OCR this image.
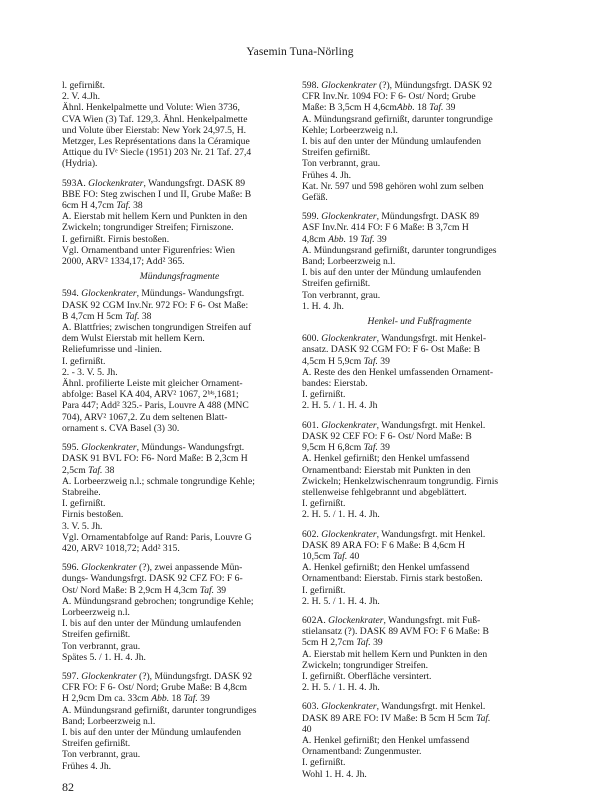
Yasemin Tuna-Nörling
l. gefirnißt.
2. V. 4.Jh.
Ähnl. Henkelpalmette und Volute: Wien 3736,
CVA Wien (3) Taf. 129,3. Ähnl. Henkelpalmette
und Volute über Eierstab: New York 24,97.5, H.
Metzger, Les Représentations dans la Céramique
Attique du IVᵉ Siecle (1951) 203 Nr. 21 Taf. 27,4
(Hydria).
593A. Glockenkrater, Wandungsfrgt. DASK 89
BBE FO: Steg zwischen I und II, Grube Maße: B
6cm H 4,7cm Taf. 38
A. Eierstab mit hellem Kern und Punkten in den
Zwickeln; tongrundiger Streifen; Firniszone.
I. gefirnißt. Firnis bestoßen.
Vgl. Ornamentband unter Figurenfries: Wien
2000, ARV² 1334,17; Add² 365.
Mündungsfragmente
594. Glockenkrater, Mündungs- Wandungsfrgt.
DASK 92 CGM Inv.Nr. 972 FO: F 6- Ost Maße:
B 4,7cm H 5cm Taf. 38
A. Blattfries; zwischen tongrundigen Streifen auf
dem Wulst Eierstab mit hellem Kern.
Reliefumrisse und -linien.
I. gefirnißt.
2. - 3. V. 5. Jh.
Ähnl. profilierte Leiste mit gleicher Ornament-
abfolge: Basel KA 404, ARV² 1067, 2ᵇⁱˢ,1681;
Para 447; Add² 325.- Paris, Louvre A 488 (MNC
704), ARV² 1067,2. Zu dem seltenen Blatt-
ornament s. CVA Basel (3) 30.
595. Glockenkrater, Mündungs- Wandungsfrgt.
DASK 91 BVL FO: F6- Nord Maße: B 2,3cm H
2,5cm Taf. 38
A. Lorbeerzweig n.l.; schmale tongrundige Kehle;
Stabreihe.
I. gefirnißt.
Firnis bestoßen.
3. V. 5. Jh.
Vgl. Ornamentabfolge auf Rand: Paris, Louvre G
420, ARV² 1018,72; Add² 315.
596. Glockenkrater (?), zwei anpassende Mün-
dungs- Wandungsfrgt. DASK 92 CFZ FO: F 6-
Ost/ Nord Maße: B 2,9cm H 4,3cm Taf. 39
A. Mündungsrand gebrochen; tongrundige Kehle;
Lorbeerzweig n.l.
I. bis auf den unter der Mündung umlaufenden
Streifen gefirnißt.
Ton verbrannt, grau.
Spätes 5. / 1. H. 4. Jh.
597. Glockenkrater (?), Mündungsfrgt. DASK 92
CFR FO: F 6- Ost/ Nord; Grube Maße: B 4,8cm
H 2,9cm Dm ca. 33cm Abb. 18 Taf. 39
A. Mündungsrand gefirnißt, darunter tongrundiges
Band; Lorbeerzweig n.l.
I. bis auf den unter der Mündung umlaufenden
Streifen gefirnißt.
Ton verbrannt, grau.
Frühes 4. Jh.
598. Glockenkrater (?), Mündungsfrgt. DASK 92
CFR Inv.Nr. 1094 FO: F 6- Ost/ Nord; Grube
Maße: B 3,5cm H 4,6cmAbb. 18 Taf. 39
A. Mündungsrand gefirnißt, darunter tongrundige
Kehle; Lorbeerzweig n.l.
I. bis auf den unter der Mündung umlaufenden
Streifen gefirnißt.
Ton verbrannt, grau.
Frühes 4. Jh.
Kat. Nr. 597 und 598 gehören wohl zum selben
Gefäß.
599. Glockenkrater, Mündungsfrgt. DASK 89
ASF Inv.Nr. 414 FO: F 6 Maße: B 3,7cm H
4,8cm Abb. 19 Taf. 39
A. Mündungsrand gefirnißt, darunter tongrundiges
Band; Lorbeerzweig n.l.
I. bis auf den unter der Mündung umlaufenden
Streifen gefirnißt.
Ton verbrannt, grau.
1. H. 4. Jh.
Henkel- und Fußfragmente
600. Glockenkrater, Wandungsfrgt. mit Henkel-
ansatz. DASK 92 CGM FO: F 6- Ost Maße: B
4,5cm H 5,9cm Taf. 39
A. Reste des den Henkel umfassenden Ornament-
bandes: Eierstab.
I. gefirnißt.
2. H. 5. / 1. H. 4. Jh
601. Glockenkrater, Wandungsfrgt. mit Henkel.
DASK 92 CEF FO: F 6- Ost/ Nord Maße: B
9,5cm H 6,8cm Taf. 39
A. Henkel gefirnißt; den Henkel umfassend
Ornamentband: Eierstab mit Punkten in den
Zwickeln; Henkelzwischenraum tongrundig. Firnis
stellenweise fehlgebrannt und abgeblättert.
I. gefirnißt.
2. H. 5. / 1. H. 4. Jh.
602. Glockenkrater, Wandungsfrgt. mit Henkel.
DASK 89 ARA FO: F 6 Maße: B 4,6cm H
10,5cm Taf. 40
A. Henkel gefirnißt; den Henkel umfassend
Ornamentband: Eierstab. Firnis stark bestoßen.
I. gefirnißt.
2. H. 5. / 1. H. 4. Jh.
602A. Glockenkrater, Wandungsfrgt. mit Fuß-
stielansatz (?). DASK 89 AVM FO: F 6 Maße: B
5cm H 2,7cm Taf. 39
A. Eierstab mit hellem Kern und Punkten in den
Zwickeln; tongrundiger Streifen.
I. gefirnißt. Oberfläche versintert.
2. H. 5. / 1. H. 4. Jh.
603. Glockenkrater, Wandungsfrgt. mit Henkel.
DASK 89 ARE FO: IV Maße: B 5cm H 5cm Taf.
40
A. Henkel gefirnißt; den Henkel umfassend
Ornamentband: Zungenmuster.
I. gefirnißt.
Wohl 1. H. 4. Jh.
82
